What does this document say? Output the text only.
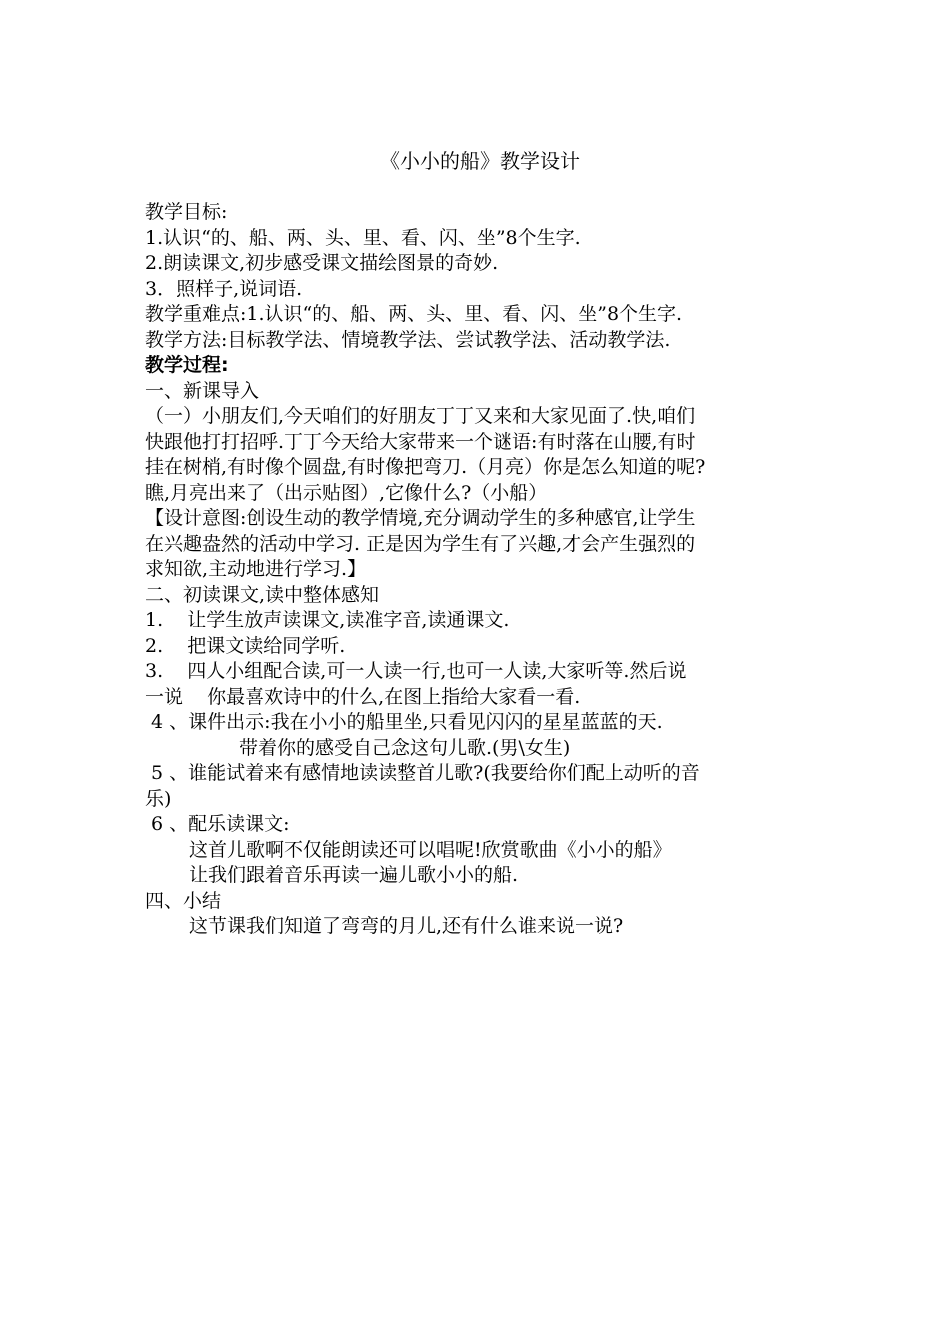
《小小的船》教学设计
教学目标:
1.认识“的、船、两、头、里、看、闪、坐”8个生字.
2.朗读课文,初步感受课文描绘图景的奇妙.
3．照样子,说词语.
教学重难点:1.认识“的、船、两、头、里、看、闪、坐”8个生字.
教学方法:目标教学法、情境教学法、尝试教学法、活动教学法.
教学过程:
一、新课导入
（一）小朋友们,今天咱们的好朋友丁丁又来和大家见面了.快,咱们
快跟他打打招呼.丁丁今天给大家带来一个谜语:有时落在山腰,有时
挂在树梢,有时像个圆盘,有时像把弯刀.（月亮）你是怎么知道的呢?
瞧,月亮出来了（出示贴图）,它像什么?（小船）
【设计意图:创设生动的教学情境,充分调动学生的多种感官,让学生
在兴趣盎然的活动中学习. 正是因为学生有了兴趣,才会产生强烈的
求知欲,主动地进行学习.】
二、初读课文,读中整体感知
1.    让学生放声读课文,读准字音,读通课文.
2.    把课文读给同学听.
3.    四人小组配合读,可一人读一行,也可一人读,大家听等.然后说
一说    你最喜欢诗中的什么,在图上指给大家看一看.
4 、课件出示:我在小小的船里坐,只看见闪闪的星星蓝蓝的天.
带着你的感受自己念这句儿歌.(男\女生)
5 、谁能试着来有感情地读读整首儿歌?(我要给你们配上动听的音
乐)
6 、配乐读课文:
这首儿歌啊不仅能朗读还可以唱呢!欣赏歌曲《小小的船》
让我们跟着音乐再读一遍儿歌小小的船.
四、小结
这节课我们知道了弯弯的月儿,还有什么谁来说一说?
